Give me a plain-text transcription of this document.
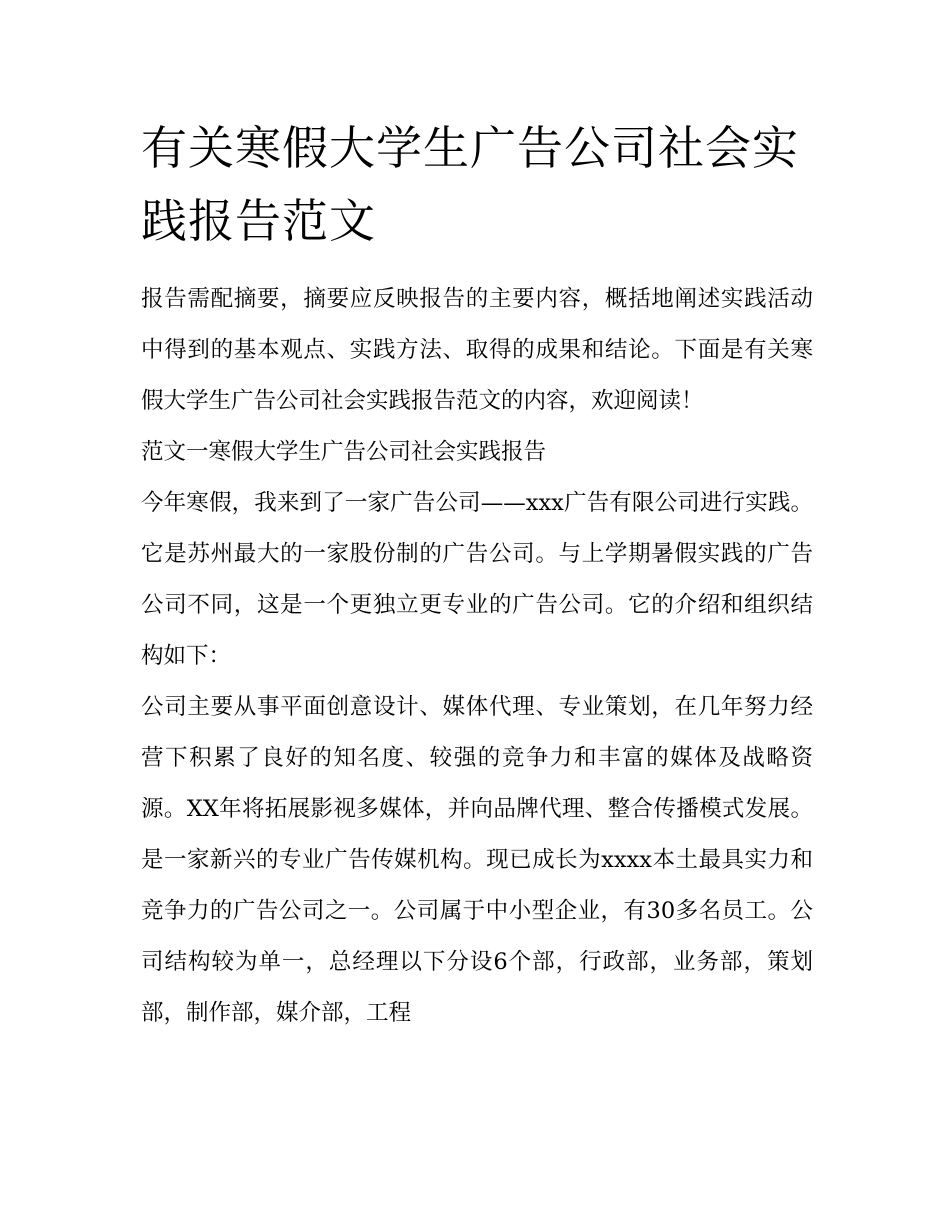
有关寒假大学生广告公司社会实践报告范文

报告需配摘要，摘要应反映报告的主要内容，概括地阐述实践活动中得到的基本观点、实践方法、取得的成果和结论。下面是有关寒假大学生广告公司社会实践报告范文的内容，欢迎阅读！

范文一寒假大学生广告公司社会实践报告

今年寒假，我来到了一家广告公司——xxx广告有限公司进行实践。它是苏州最大的一家股份制的广告公司。与上学期暑假实践的广告公司不同，这是一个更独立更专业的广告公司。它的介绍和组织结构如下：

公司主要从事平面创意设计、媒体代理、专业策划，在几年努力经营下积累了良好的知名度、较强的竞争力和丰富的媒体及战略资源。XX年将拓展影视多媒体，并向品牌代理、整合传播模式发展。是一家新兴的专业广告传媒机构。现已成长为xxxx本土最具实力和竞争力的广告公司之一。公司属于中小型企业，有30多名员工。公司结构较为单一，总经理以下分设6个部，行政部，业务部，策划部，制作部，媒介部，工程
